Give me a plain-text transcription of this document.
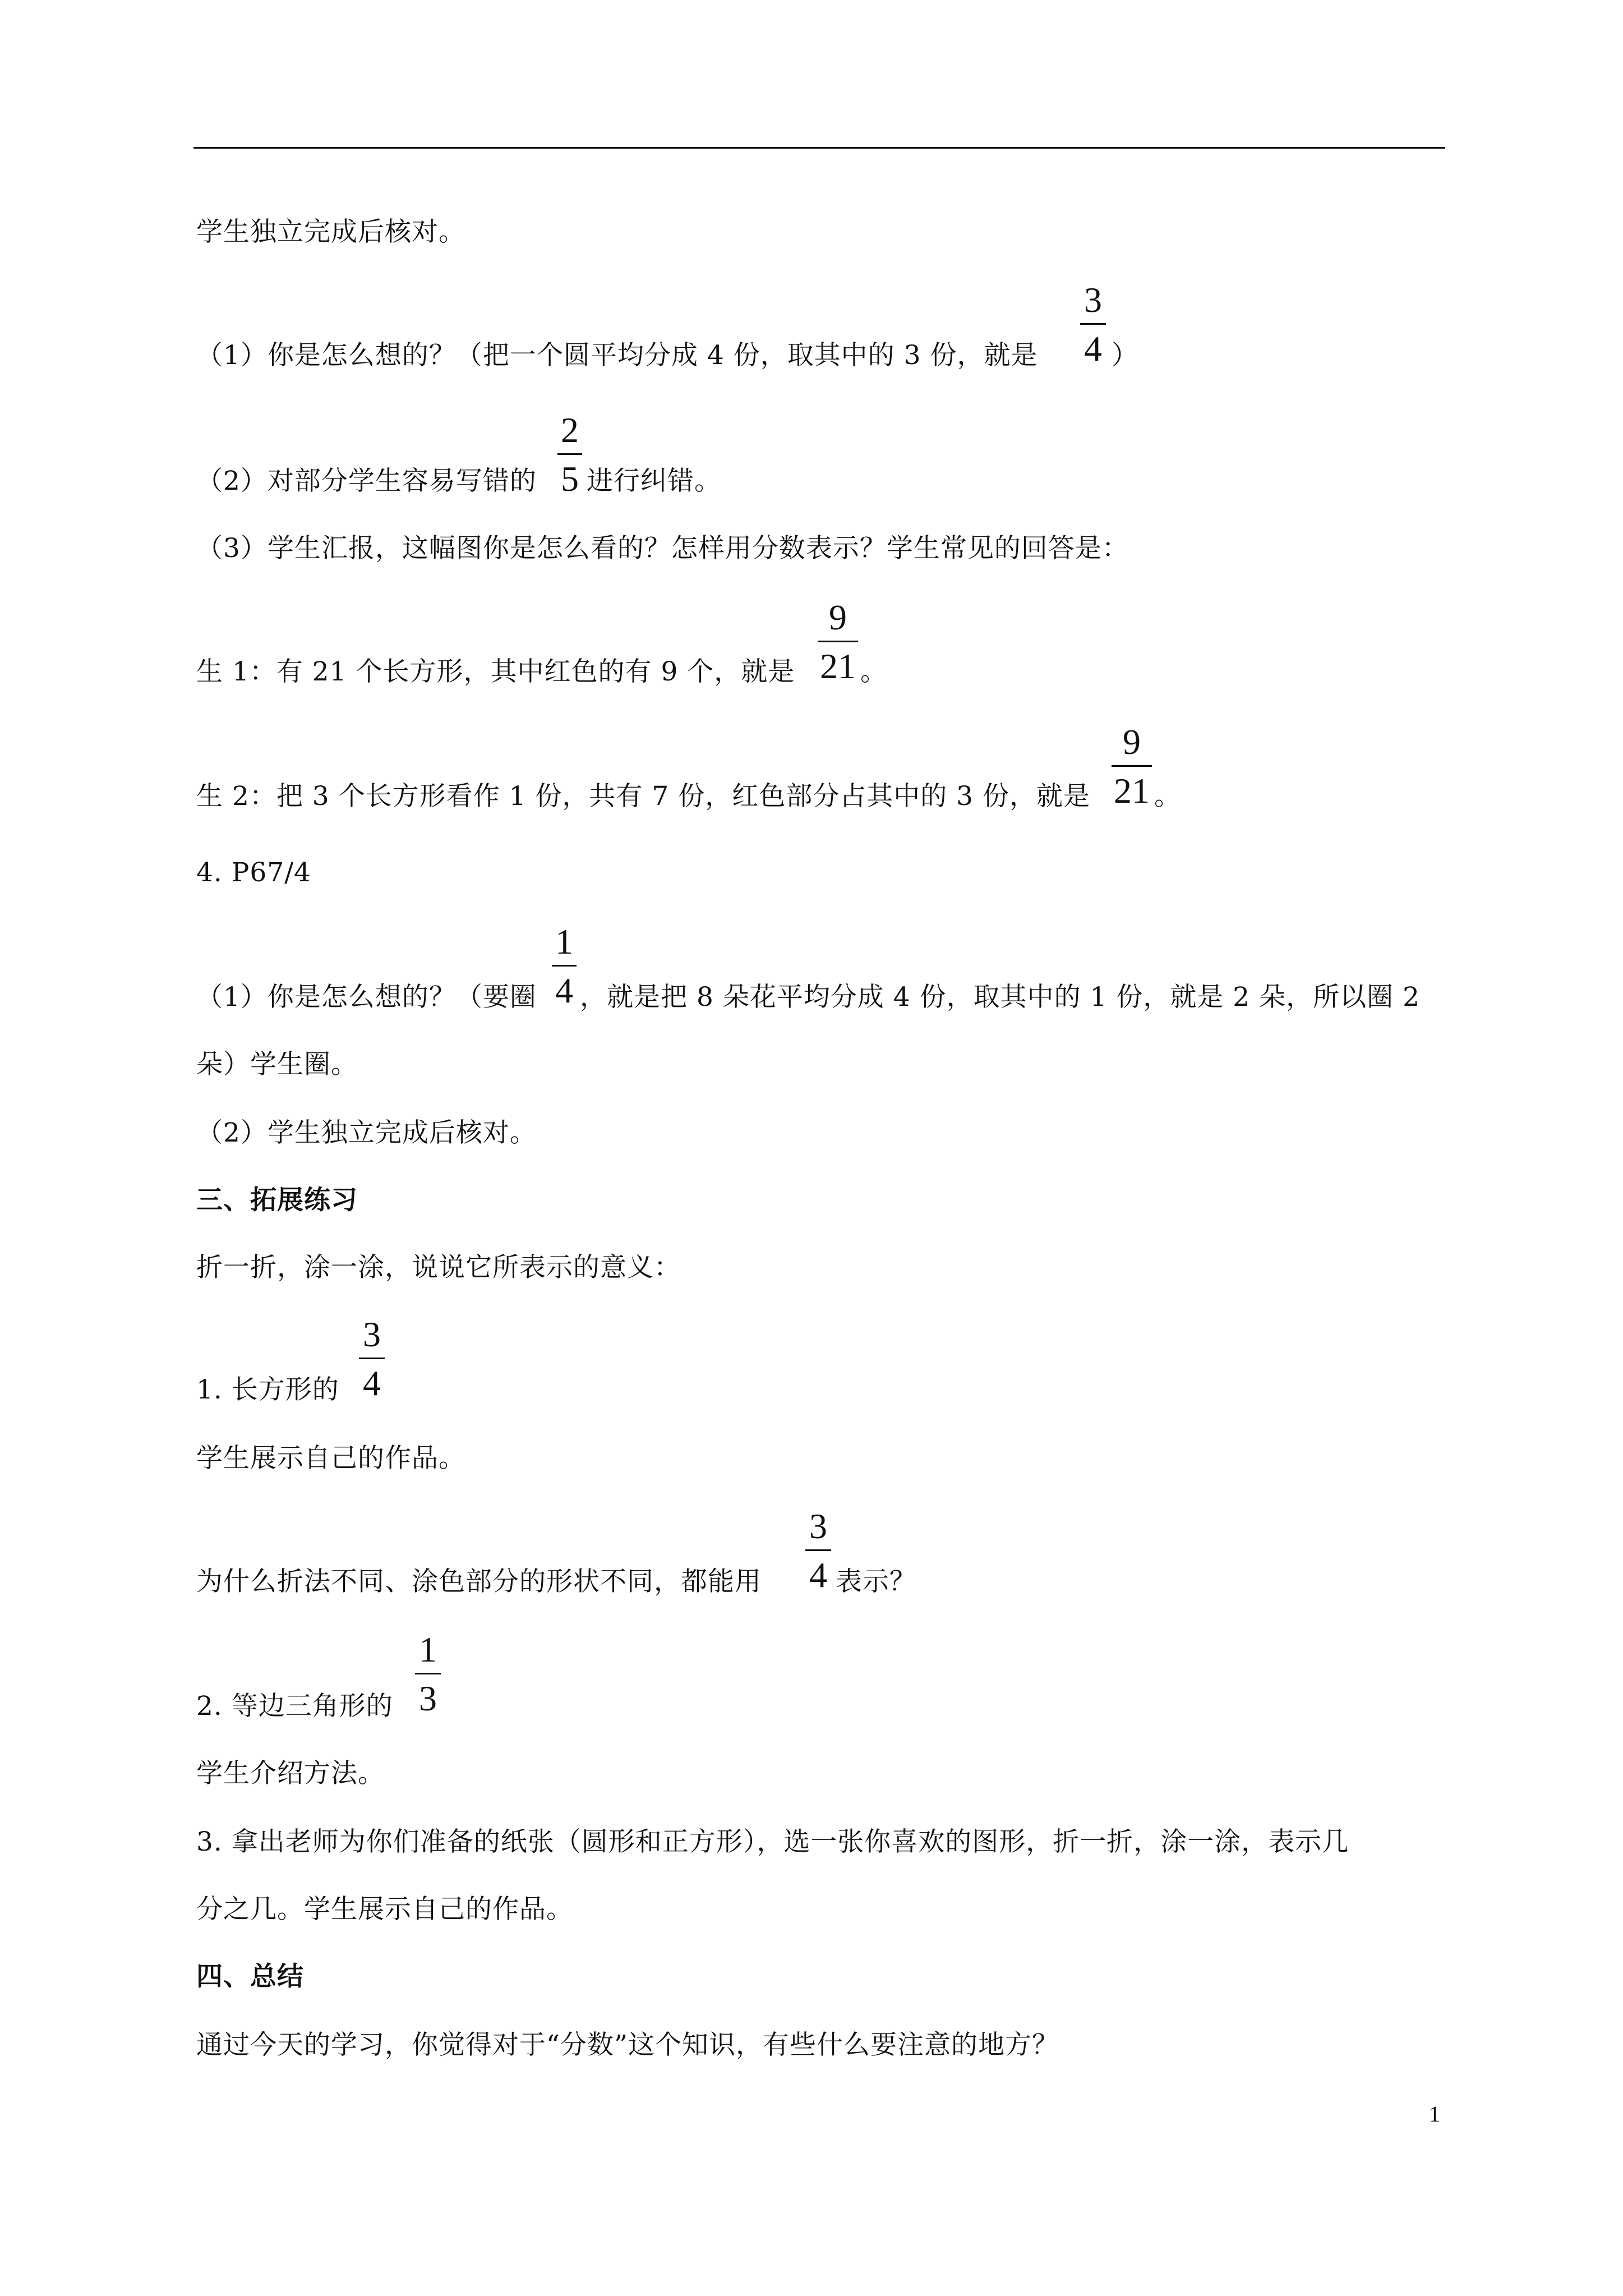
学生独立完成后核对。
（1）你是怎么想的？（把一个圆平均分成 4 份，取其中的 3 份，就是
3
4 ）
（2）对部分学生容易写错的
2
5 进行纠错。
（3）学生汇报，这幅图你是怎么看的？怎样用分数表示？学生常见的回答是：
生 1：有 21 个长方形，其中红色的有 9 个，就是
9
21 。
生 2：把 3 个长方形看作 1 份，共有 7 份，红色部分占其中的 3 份，就是
9
21 。
4. P67/4
（1）你是怎么想的？（要圈
1
4 ，就是把 8 朵花平均分成 4 份，取其中的 1 份，就是 2 朵，所以圈 2
朵）学生圈。
（2）学生独立完成后核对。
三、拓展练习
折一折，涂一涂，说说它所表示的意义：
1. 长方形的
3
4
学生展示自己的作品。
为什么折法不同、涂色部分的形状不同，都能用
3
4 表示？
2. 等边三角形的
1
3
学生介绍方法。
3. 拿出老师为你们准备的纸张（圆形和正方形），选一张你喜欢的图形，折一折，涂一涂，表示几
分之几。学生展示自己的作品。
四、总结
通过今天的学习，你觉得对于“分数”这个知识，有些什么要注意的地方？
1
